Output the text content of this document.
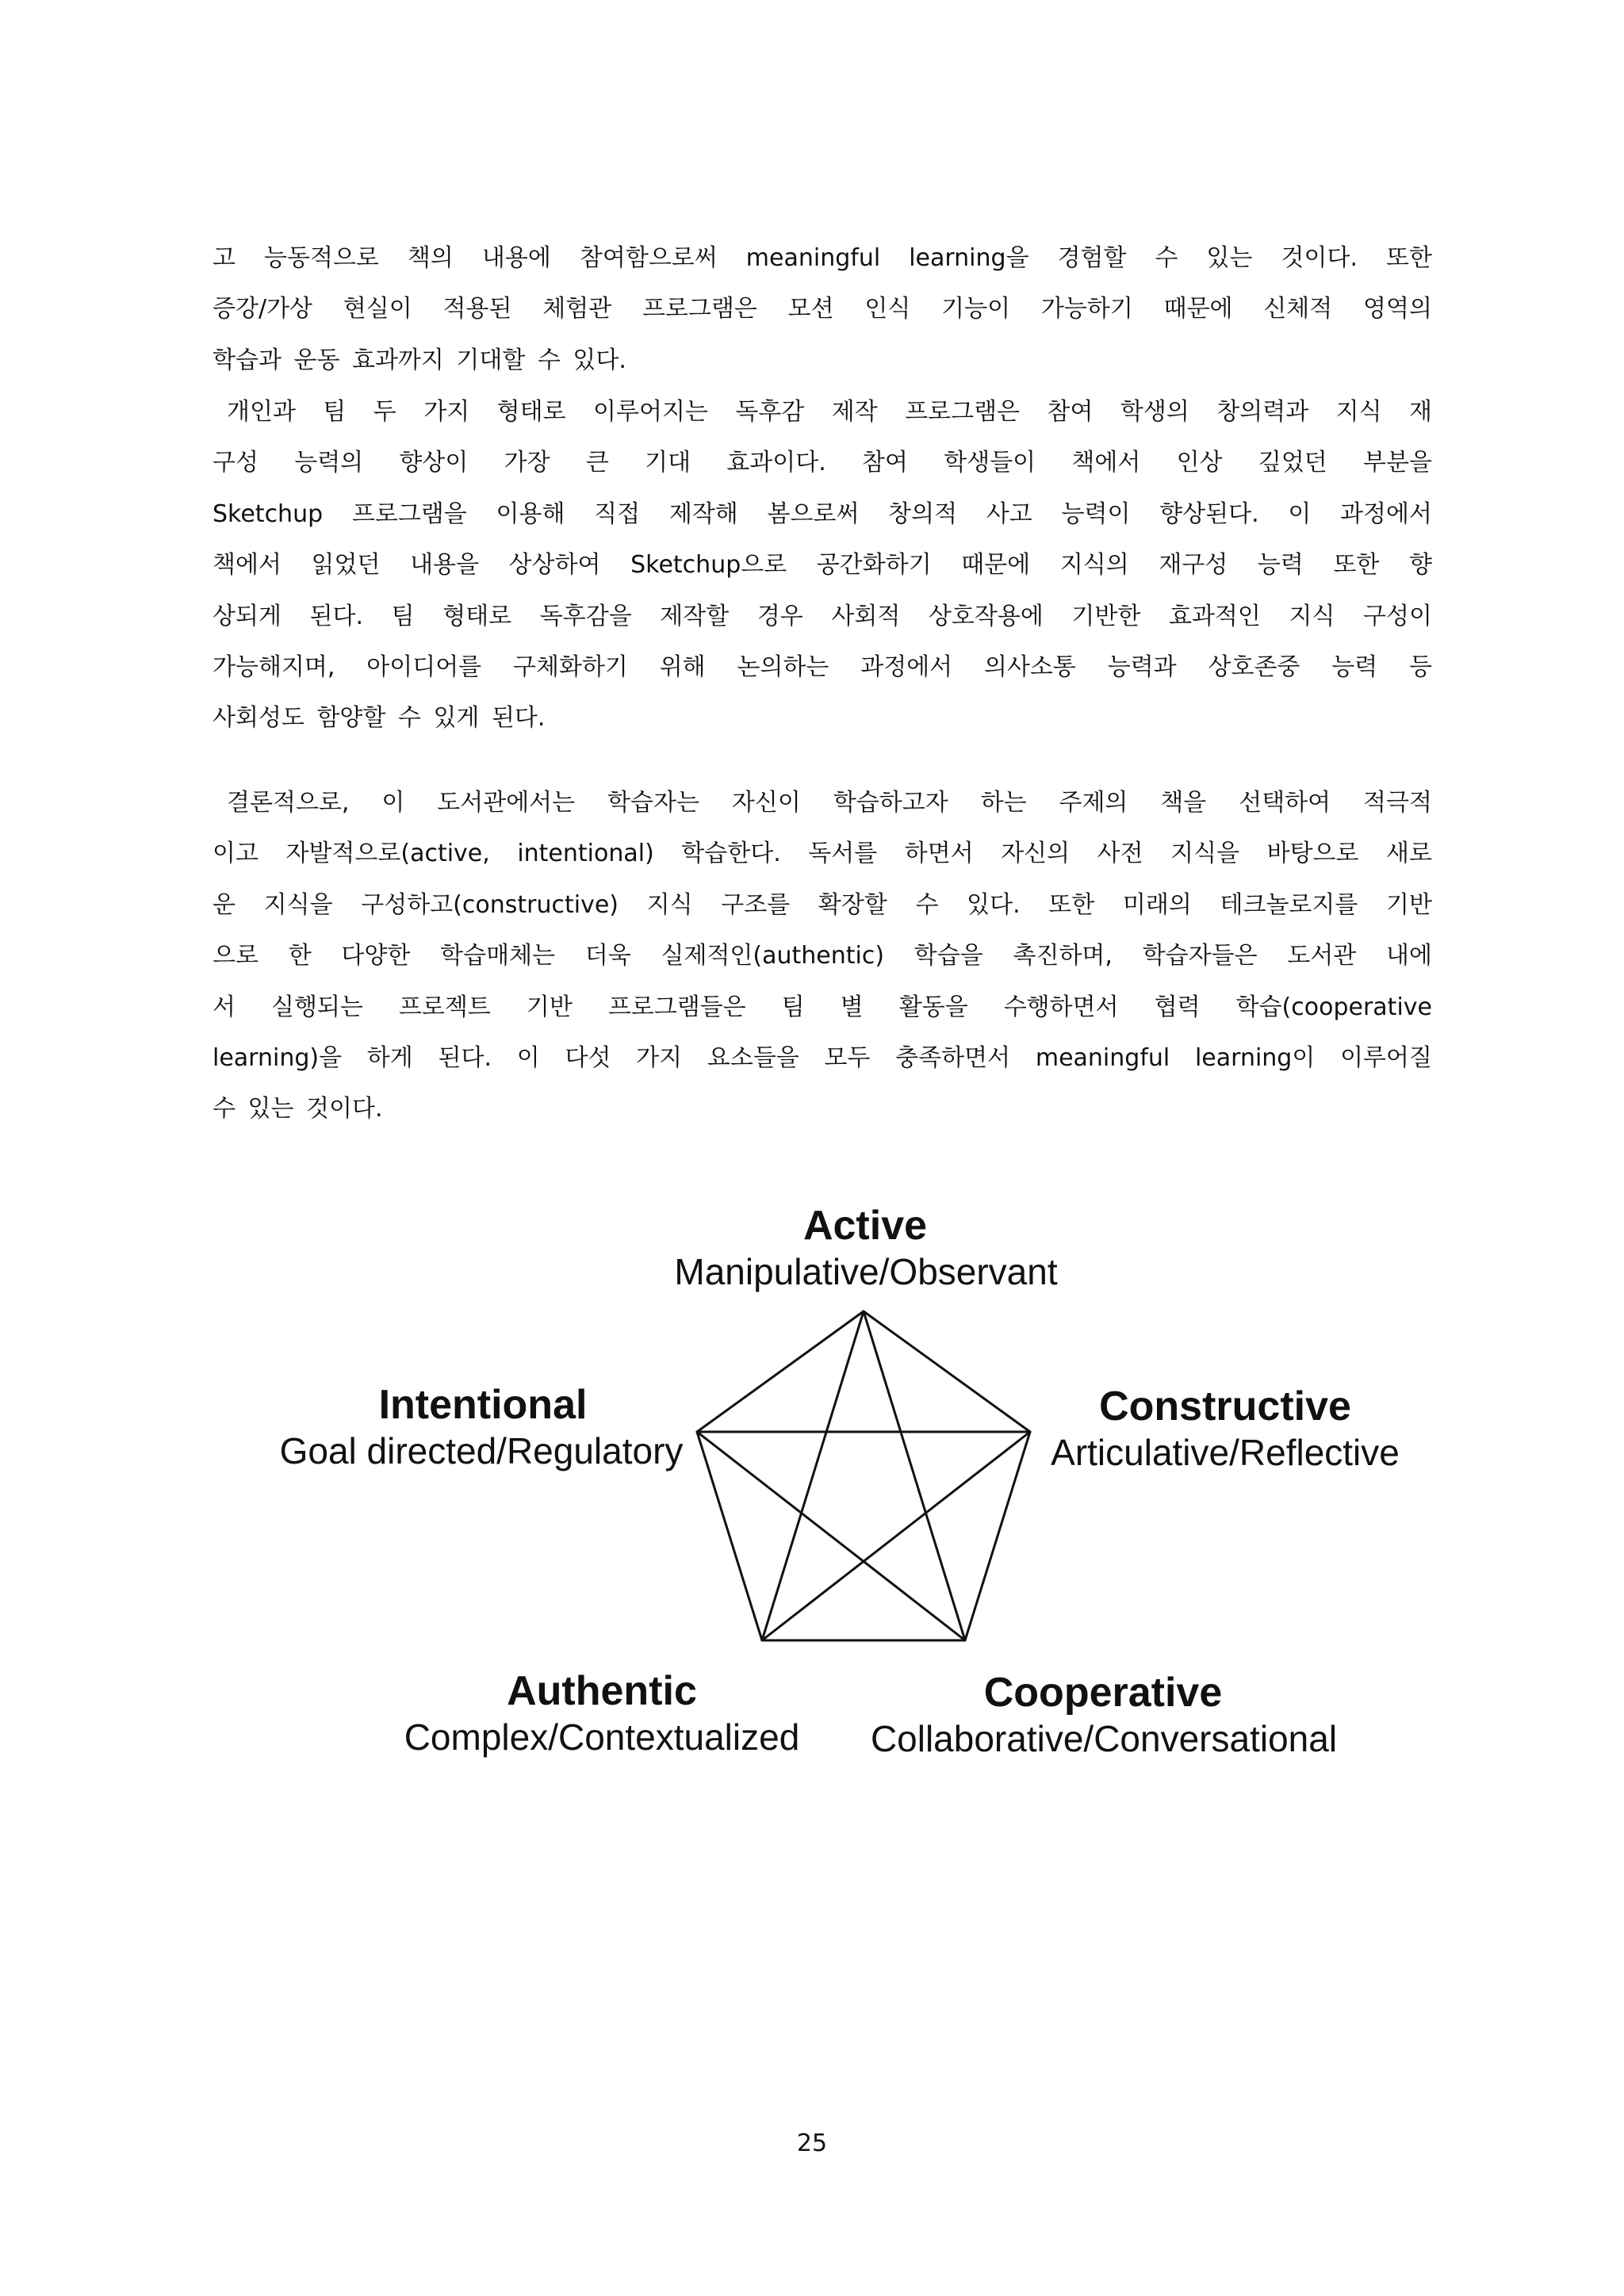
고 능동적으로 책의 내용에 참여함으로써 meaningful learning을 경험할 수 있는 것이다. 또한
증강/가상 현실이 적용된 체험관 프로그램은 모션 인식 기능이 가능하기 때문에 신체적 영역의
학습과 운동 효과까지 기대할 수 있다.
개인과 팀 두 가지 형태로 이루어지는 독후감 제작 프로그램은 참여 학생의 창의력과 지식 재
구성 능력의 향상이 가장 큰 기대 효과이다. 참여 학생들이 책에서 인상 깊었던 부분을
Sketchup 프로그램을 이용해 직접 제작해 봄으로써 창의적 사고 능력이 향상된다. 이 과정에서
책에서 읽었던 내용을 상상하여 Sketchup으로 공간화하기 때문에 지식의 재구성 능력 또한 향
상되게 된다. 팀 형태로 독후감을 제작할 경우 사회적 상호작용에 기반한 효과적인 지식 구성이
가능해지며, 아이디어를 구체화하기 위해 논의하는 과정에서 의사소통 능력과 상호존중 능력 등
사회성도 함양할 수 있게 된다.
결론적으로, 이 도서관에서는 학습자는 자신이 학습하고자 하는 주제의 책을 선택하여 적극적
이고 자발적으로(active, intentional) 학습한다. 독서를 하면서 자신의 사전 지식을 바탕으로 새로
운 지식을 구성하고(constructive) 지식 구조를 확장할 수 있다. 또한 미래의 테크놀로지를 기반
으로 한 다양한 학습매체는 더욱 실제적인(authentic) 학습을 촉진하며, 학습자들은 도서관 내에
서 실행되는 프로젝트 기반 프로그램들은 팀 별 활동을 수행하면서 협력 학습(cooperative
learning)을 하게 된다. 이 다섯 가지 요소들을 모두 충족하면서 meaningful learning이 이루어질
수 있는 것이다.
Active
Manipulative/Observant
Intentional
Goal directed/Regulatory
Constructive
Articulative/Reflective
Authentic
Complex/Contextualized
Cooperative
Collaborative/Conversational
25
